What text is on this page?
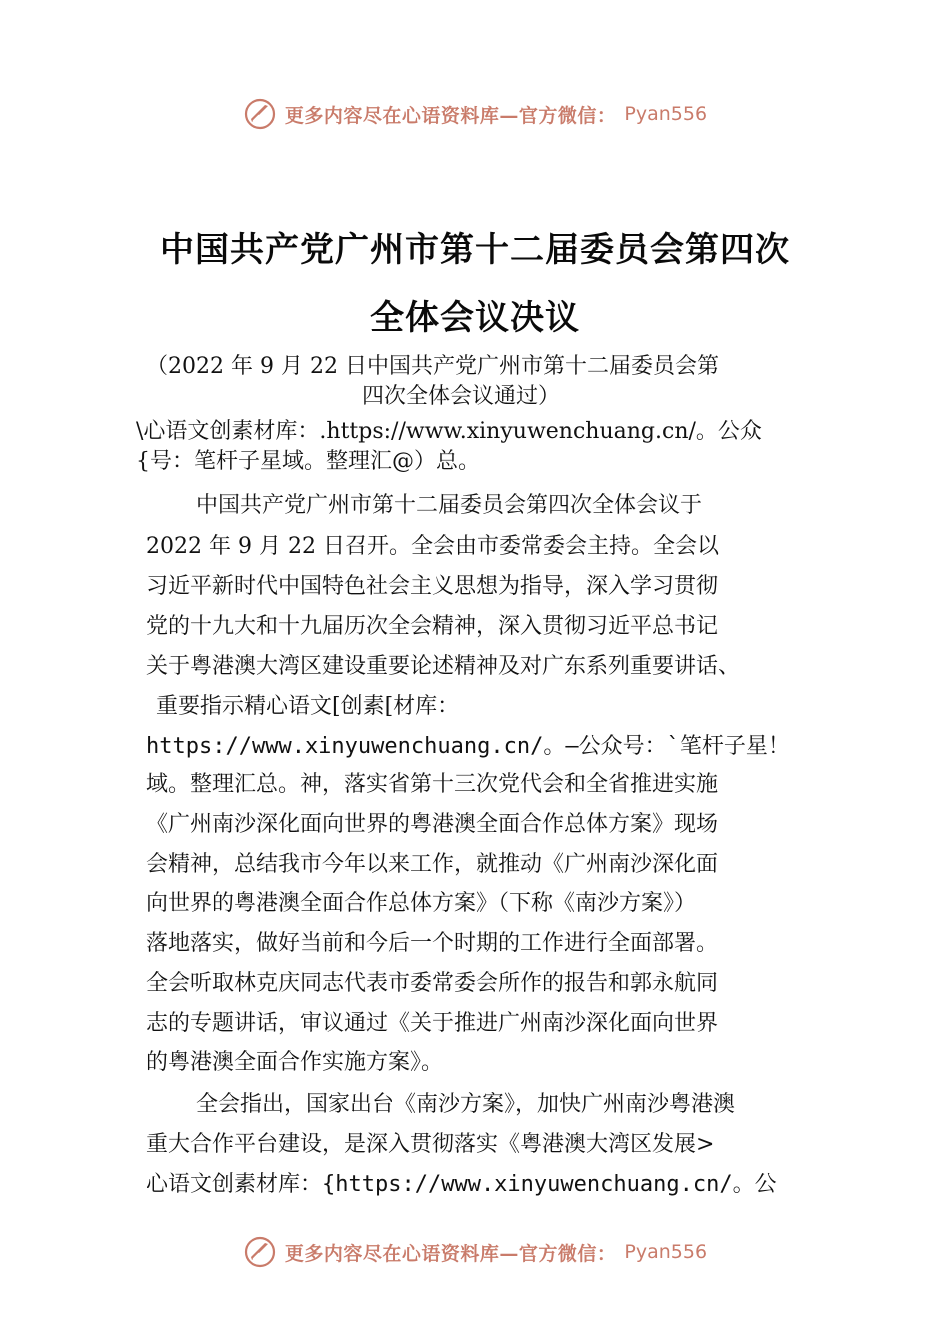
更多内容尽在心语资料库—官方微信： Pyan556
中国共产党广州市第十二届委员会第四次
全体会议决议
（2022 年 9 月 22 日中国共产党广州市第十二届委员会第
四次全体会议通过）
\心语文创素材库：.https://www.xinyuwenchuang.cn/。公众
{号：笔杆子星域。整理汇@）总。
中国共产党广州市第十二届委员会第四次全体会议于
2022 年 9 月 22 日召开。全会由市委常委会主持。全会以
习近平新时代中国特色社会主义思想为指导，深入学习贯彻
党的十九大和十九届历次全会精神，深入贯彻习近平总书记
关于粤港澳大湾区建设重要论述精神及对广东系列重要讲话、
重要指示精心语文[创素[材库：
https://www.xinyuwenchuang.cn/。—公众号：`笔杆子星！
域。整理汇总。神，落实省第十三次党代会和全省推进实施
《广州南沙深化面向世界的粤港澳全面合作总体方案》现场
会精神，总结我市今年以来工作，就推动《广州南沙深化面
向世界的粤港澳全面合作总体方案》（下称《南沙方案》）
落地落实，做好当前和今后一个时期的工作进行全面部署。
全会听取林克庆同志代表市委常委会所作的报告和郭永航同
志的专题讲话，审议通过《关于推进广州南沙深化面向世界
的粤港澳全面合作实施方案》。
全会指出，国家出台《南沙方案》，加快广州南沙粤港澳
重大合作平台建设，是深入贯彻落实《粤港澳大湾区发展>
心语文创素材库：{https://www.xinyuwenchuang.cn/。公
更多内容尽在心语资料库—官方微信： Pyan556
